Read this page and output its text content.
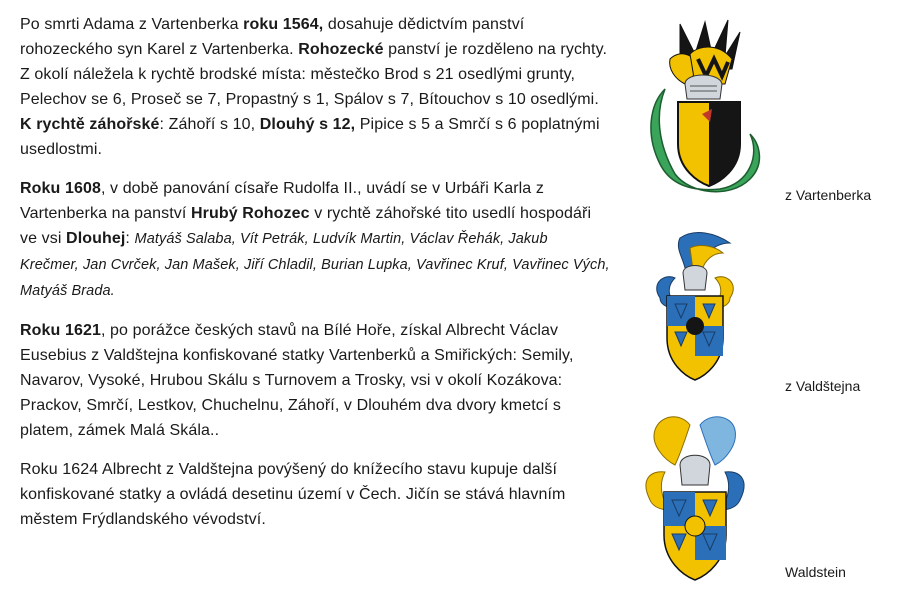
Po smrti Adama z Vartenberka roku 1564, dosahuje dědictvím panství rohozeckého syn Karel z Vartenberka. Rohozecké panství je rozděleno na rychty. Z okolí náležela k rychtě brodské místa: městečko Brod s 21 osedlými grunty, Pelechov se 6, Proseč se 7, Propastný s 1, Spálov s 7, Bítouchov s 10 osedlými. K rychtě záhořské: Záhoří s 10, Dlouhý s 12, Pipice s 5 a Smrčí s 6 poplatnými usedlostmi.

Roku 1608, v době panování císaře Rudolfa II., uvádí se v Urbáři Karla z Vartenberka na panství Hrubý Rohozec v rychtě záhořské tito usedlí hospodáři ve vsi Dlouhej: Matyáš Salaba, Vít Petrák, Ludvík Martin, Václav Řehák, Jakub Krečmer, Jan Cvrček, Jan Mašek, Jiří Chladil, Burian Lupka, Vavřinec Kruf, Vavřinec Vých, Matyáš Brada.

Roku 1621, po porážce českých stavů na Bílé Hoře, získal Albrecht Václav Eusebius z Valdštejna konfiskované statky Vartenberků a Smiřických: Semily, Navarov, Vysoké, Hrubou Skálu s Turnovem a Trosky, vsi v okolí Kozákova: Prackov, Smrčí, Lestkov, Chuchelnu, Záhoří, v Dlouhém dva dvory kmetcí s platem, zámek Malá Skála..

Roku 1624 Albrecht z Valdštejna povýšený do knížecího stavu kupuje další konfiskované statky a ovládá desetinu území v Čech. Jičín se stává hlavním městem Frýdlandského vévodství.

z Vartenberka
z Valdštejna
Waldstein
